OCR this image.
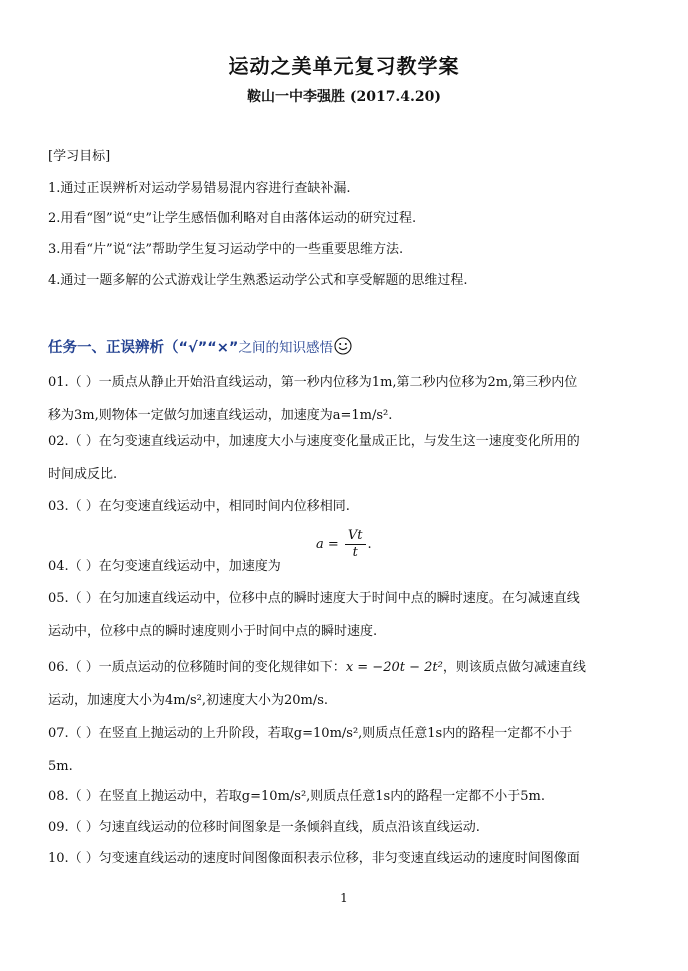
运动之美单元复习教学案
鞍山一中李强胜 (2017.4.20)
[学习目标]
1.通过正误辨析对运动学易错易混内容进行查缺补漏.
2.用看“图”说“史”让学生感悟伽利略对自由落体运动的研究过程.
3.用看“片”说“法”帮助学生复习运动学中的一些重要思维方法.
4.通过一题多解的公式游戏让学生熟悉运动学公式和享受解题的思维过程.
任务一、正误辨析（“√”“×”之间的知识感悟
01.（ ）一质点从静止开始沿直线运动，第一秒内位移为1m,第二秒内位移为2m,第三秒内位
移为3m,则物体一定做匀加速直线运动，加速度为a=1m/s².
02.（ ）在匀变速直线运动中，加速度大小与速度变化量成正比，与发生这一速度变化所用的
时间成反比.
03.（ ）在匀变速直线运动中，相同时间内位移相同.
$a = \frac{Vt}{t}$ .
04.（ ）在匀变速直线运动中，加速度为
05.（ ）在匀加速直线运动中，位移中点的瞬时速度大于时间中点的瞬时速度。在匀减速直线
运动中，位移中点的瞬时速度则小于时间中点的瞬时速度.
06.（ ）一质点运动的位移随时间的变化规律如下：x = −20t − 2t²，则该质点做匀减速直线
运动，加速度大小为4m/s²,初速度大小为20m/s.
07.（ ）在竖直上抛运动的上升阶段，若取g=10m/s²,则质点任意1s内的路程一定都不小于
5m.
08.（ ）在竖直上抛运动中，若取g=10m/s²,则质点任意1s内的路程一定都不小于5m.
09.（ ）匀速直线运动的位移时间图象是一条倾斜直线，质点沿该直线运动.
10.（ ）匀变速直线运动的速度时间图像面积表示位移，非匀变速直线运动的速度时间图像面
1
